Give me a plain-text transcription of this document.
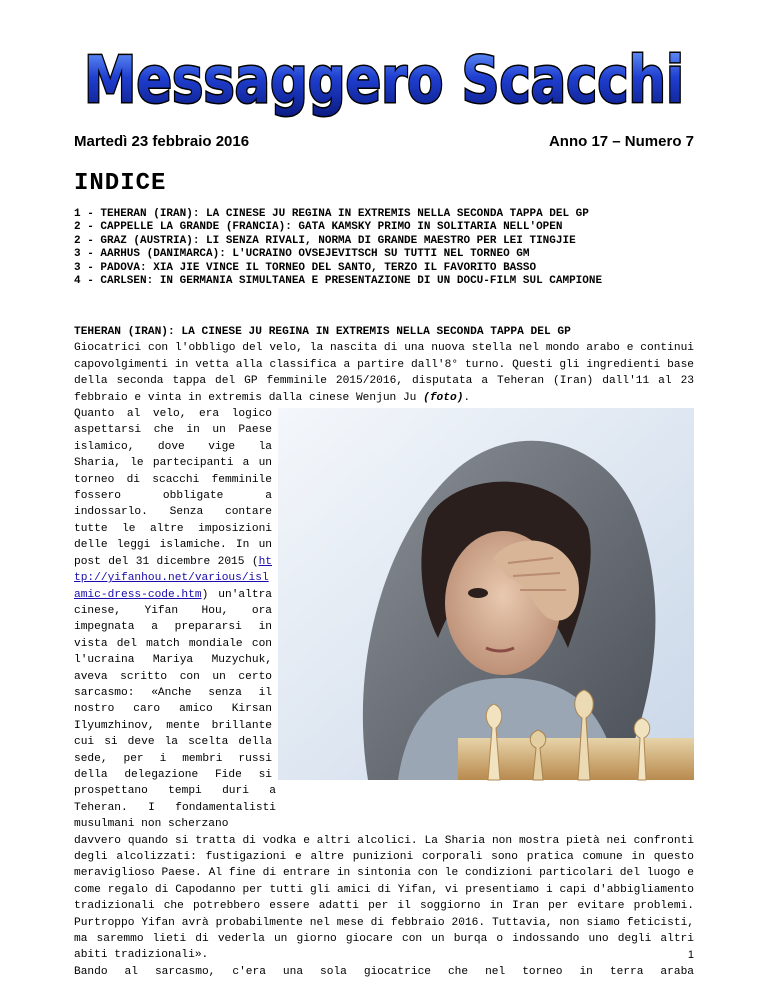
Messaggero Scacchi
Martedì 23 febbraio 2016	Anno 17 – Numero 7
INDICE
1 - TEHERAN (IRAN): LA CINESE JU REGINA IN EXTREMIS NELLA SECONDA TAPPA DEL GP
2 - CAPPELLE LA GRANDE (FRANCIA): GATA KAMSKY PRIMO IN SOLITARIA NELL'OPEN
2 - GRAZ (AUSTRIA): LI SENZA RIVALI, NORMA DI GRANDE MAESTRO PER LEI TINGJIE
3 - AARHUS (DANIMARCA): L'UCRAINO OVSEJEVITSCH SU TUTTI NEL TORNEO GM
3 - PADOVA: XIA JIE VINCE IL TORNEO DEL SANTO, TERZO IL FAVORITO BASSO
4 - CARLSEN: IN GERMANIA SIMULTANEA E PRESENTAZIONE DI UN DOCU-FILM SUL CAMPIONE
TEHERAN (IRAN): LA CINESE JU REGINA IN EXTREMIS NELLA SECONDA TAPPA DEL GP
Giocatrici con l'obbligo del velo, la nascita di una nuova stella nel mondo arabo e continui capovolgimenti in vetta alla classifica a partire dall'8° turno. Questi gli ingredienti base della seconda tappa del GP femminile 2015/2016, disputata a Teheran (Iran) dall'11 al 23 febbraio e vinta in extremis dalla cinese Wenjun Ju (foto).
Quanto al velo, era logico aspettarsi che in un Paese islamico, dove vige la Sharia, le partecipanti a un torneo di scacchi femminile fossero obbligate a indossarlo. Senza contare tutte le altre imposizioni delle leggi islamiche. In un post del 31 dicembre 2015 (http://yifanhou.net/various/islamic-dress-code.htm) un'altra cinese, Yifan Hou, ora impegnata a prepararsi in vista del match mondiale con l'ucraina Mariya Muzychuk, aveva scritto con un certo sarcasmo: «Anche senza il nostro caro amico Kirsan Ilyumzhinov, mente brillante cui si deve la scelta della sede, per i membri russi della delegazione Fide si prospettano tempi duri a Teheran. I fondamentalisti musulmani non scherzano
davvero quando si tratta di vodka e altri alcolici. La Sharia non mostra pietà nei confronti degli alcolizzati: fustigazioni e altre punizioni corporali sono pratica comune in questo meraviglioso Paese. Al fine di entrare in sintonia con le condizioni particolari del luogo e come regalo di Capodanno per tutti gli amici di Yifan, vi presentiamo i capi d'abbigliamento tradizionali che potrebbero essere adatti per il soggiorno in Iran per evitare problemi. Purtroppo Yifan avrà probabilmente nel mese di febbraio 2016. Tuttavia, non siamo feticisti, ma saremmo lieti di vederla un giorno giocare con un burqa o indossando uno degli altri abiti tradizionali».
Bando al sarcasmo, c'era una sola giocatrice che nel torneo in terra araba
1
